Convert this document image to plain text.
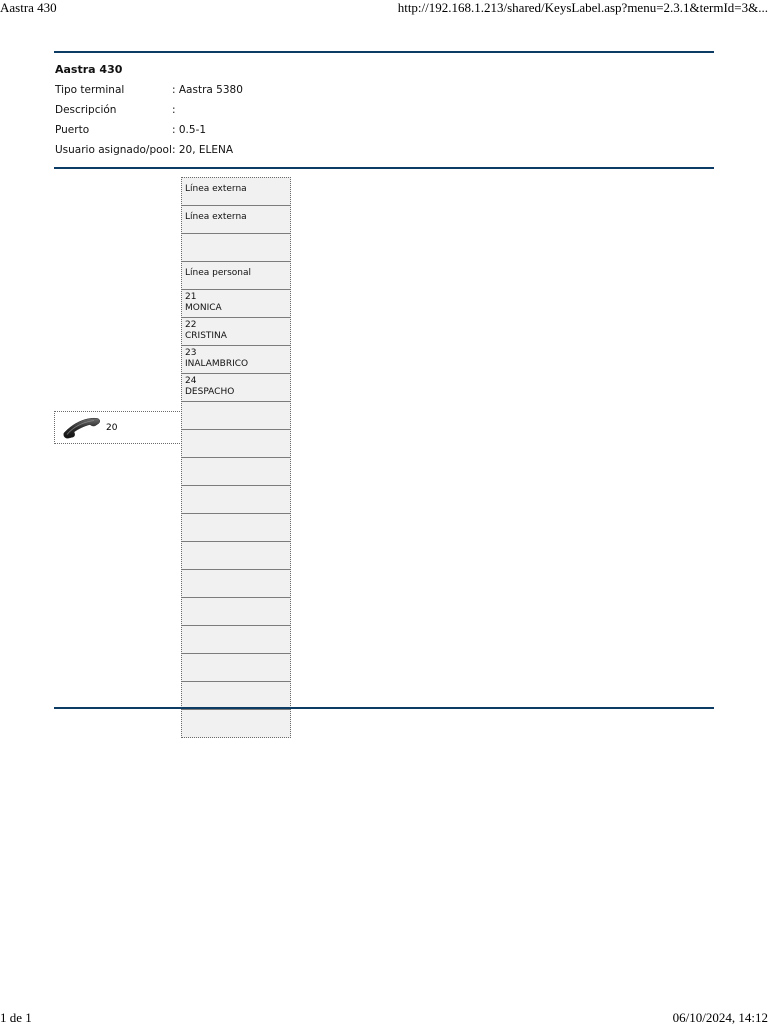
Aastra 430	http://192.168.1.213/shared/KeysLabel.asp?menu=2.3.1&termId=3&...
Aastra 430
Tipo terminal	: Aastra 5380
Descripción	:
Puerto	: 0.5-1
Usuario asignado/pool : 20, ELENA
Línea externa
Línea externa
Línea personal
21
MONICA
22
CRISTINA
23
INALAMBRICO
24
DESPACHO
20
1 de 1	06/10/2024, 14:12
